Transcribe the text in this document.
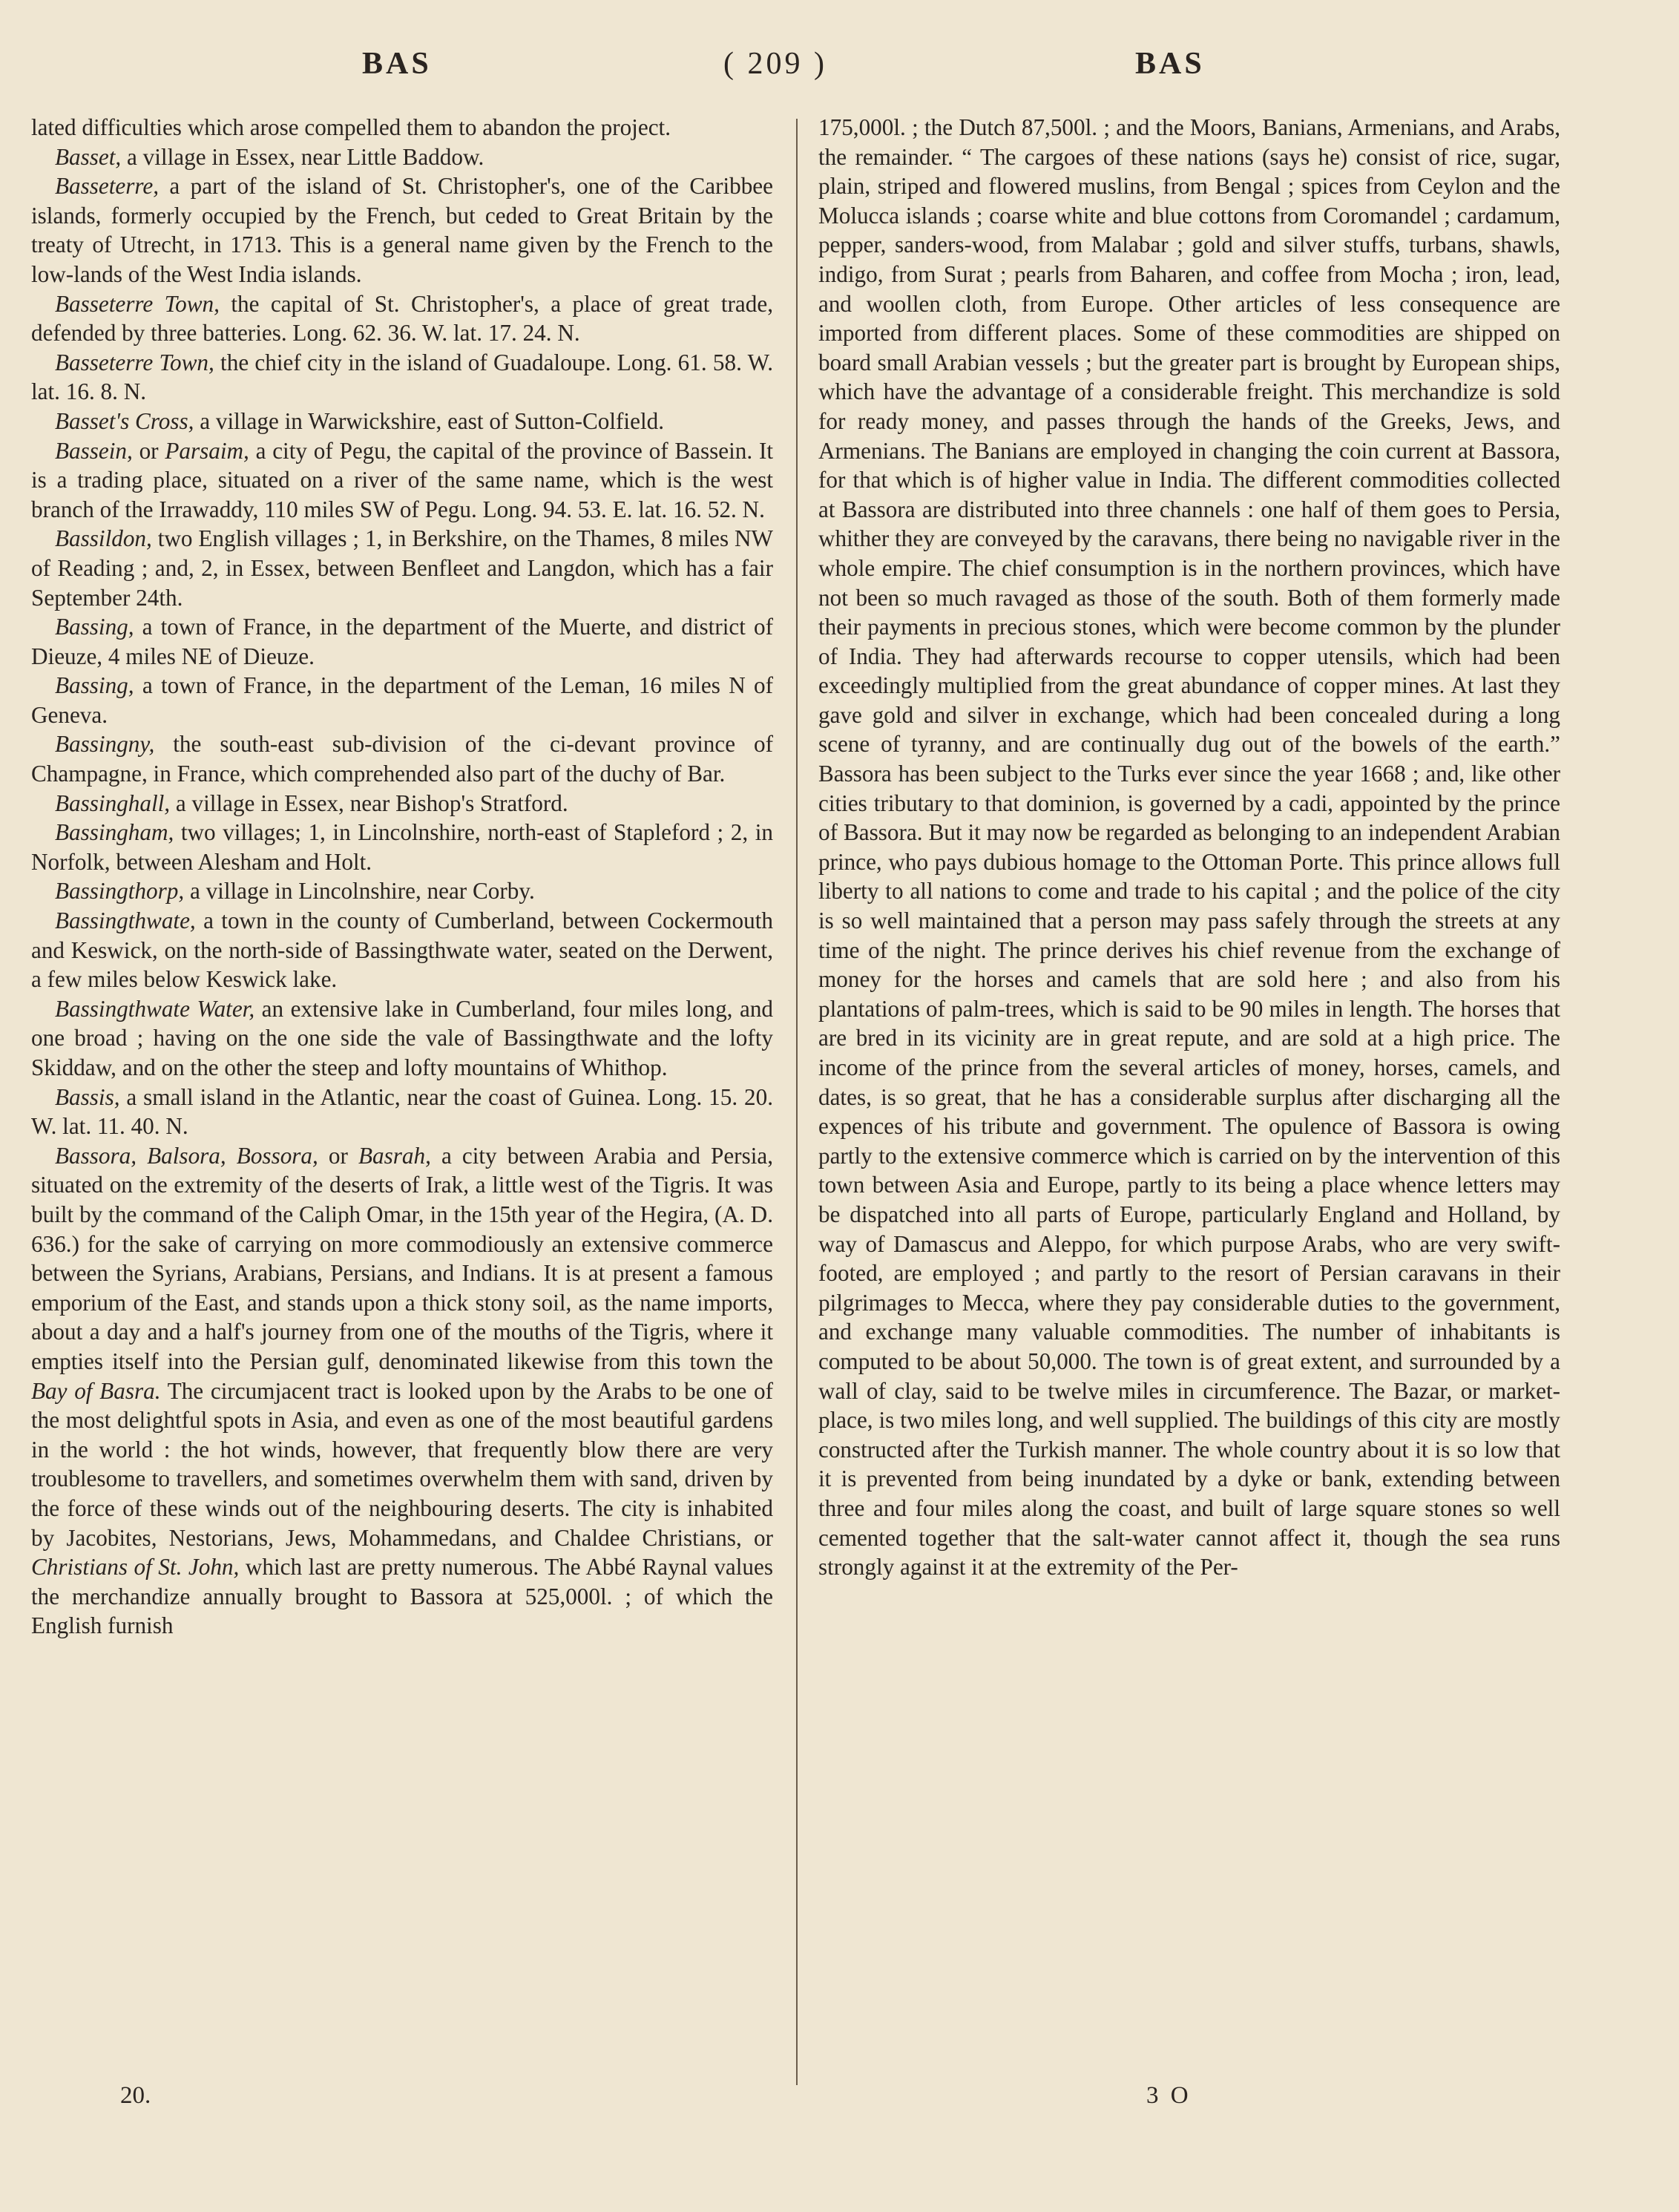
BAS	( 209 )	BAS

lated difficulties which arose compelled them to abandon the project.

Basset, a village in Essex, near Little Baddow.

Basseterre, a part of the island of St. Christopher's, one of the Caribbee islands, formerly occupied by the French, but ceded to Great Britain by the treaty of Utrecht, in 1713. This is a general name given by the French to the low-lands of the West India islands.

Basseterre Town, the capital of St. Christopher's, a place of great trade, defended by three batteries. Long. 62. 36. W. lat. 17. 24. N.

Basseterre Town, the chief city in the island of Guadaloupe. Long. 61. 58. W. lat. 16. 8. N.

Basset's Cross, a village in Warwickshire, east of Sutton-Colfield.

Bassein, or Parsaim, a city of Pegu, the capital of the province of Bassein. It is a trading place, situated on a river of the same name, which is the west branch of the Irrawaddy, 110 miles SW of Pegu. Long. 94. 53. E. lat. 16. 52. N.

Bassildon, two English villages ; 1, in Berkshire, on the Thames, 8 miles NW of Reading ; and, 2, in Essex, between Benfleet and Langdon, which has a fair September 24th.

Bassing, a town of France, in the department of the Muerte, and district of Dieuze, 4 miles NE of Dieuze.

Bassing, a town of France, in the department of the Leman, 16 miles N of Geneva.

Bassingny, the south-east sub-division of the ci-devant province of Champagne, in France, which comprehended also part of the duchy of Bar.

Bassinghall, a village in Essex, near Bishop's Stratford.

Bassingham, two villages; 1, in Lincolnshire, north-east of Stapleford ; 2, in Norfolk, between Alesham and Holt.

Bassingthorp, a village in Lincolnshire, near Corby.

Bassingthwate, a town in the county of Cumberland, between Cockermouth and Keswick, on the north-side of Bassingthwate water, seated on the Derwent, a few miles below Keswick lake.

Bassingthwate Water, an extensive lake in Cumberland, four miles long, and one broad ; having on the one side the vale of Bassingthwate and the lofty Skiddaw, and on the other the steep and lofty mountains of Whithop.

Bassis, a small island in the Atlantic, near the coast of Guinea. Long. 15. 20. W. lat. 11. 40. N.

Bassora, Balsora, Bossora, or Basrah, a city between Arabia and Persia, situated on the extremity of the deserts of Irak, a little west of the Tigris. It was built by the command of the Caliph Omar, in the 15th year of the Hegira, (A. D. 636.) for the sake of carrying on more commodiously an extensive commerce between the Syrians, Arabians, Persians, and Indians. It is at present a famous emporium of the East, and stands upon a thick stony soil, as the name imports, about a day and a half's journey from one of the mouths of the Tigris, where it empties itself into the Persian gulf, denominated likewise from this town the Bay of Basra. The circumjacent tract is looked upon by the Arabs to be one of the most delightful spots in Asia, and even as one of the most beautiful gardens in the world : the hot winds, however, that frequently blow there are very troublesome to travellers, and sometimes overwhelm them with sand, driven by the force of these winds out of the neighbouring deserts. The city is inhabited by Jacobites, Nestorians, Jews, Mohammedans, and Chaldee Christians, or Christians of St. John, which last are pretty numerous. The Abbé Raynal values the merchandize annually brought to Bassora at 525,000l. ; of which the English furnish

175,000l. ; the Dutch 87,500l. ; and the Moors, Banians, Armenians, and Arabs, the remainder. “ The cargoes of these nations (says he) consist of rice, sugar, plain, striped and flowered muslins, from Bengal ; spices from Ceylon and the Molucca islands ; coarse white and blue cottons from Coromandel ; cardamum, pepper, sanders-wood, from Malabar ; gold and silver stuffs, turbans, shawls, indigo, from Surat ; pearls from Baharen, and coffee from Mocha ; iron, lead, and woollen cloth, from Europe. Other articles of less consequence are imported from different places. Some of these commodities are shipped on board small Arabian vessels ; but the greater part is brought by European ships, which have the advantage of a considerable freight. This merchandize is sold for ready money, and passes through the hands of the Greeks, Jews, and Armenians. The Banians are employed in changing the coin current at Bassora, for that which is of higher value in India. The different commodities collected at Bassora are distributed into three channels : one half of them goes to Persia, whither they are conveyed by the caravans, there being no navigable river in the whole empire. The chief consumption is in the northern provinces, which have not been so much ravaged as those of the south. Both of them formerly made their payments in precious stones, which were become common by the plunder of India. They had afterwards recourse to copper utensils, which had been exceedingly multiplied from the great abundance of copper mines. At last they gave gold and silver in exchange, which had been concealed during a long scene of tyranny, and are continually dug out of the bowels of the earth.” Bassora has been subject to the Turks ever since the year 1668 ; and, like other cities tributary to that dominion, is governed by a cadi, appointed by the prince of Bassora. But it may now be regarded as belonging to an independent Arabian prince, who pays dubious homage to the Ottoman Porte. This prince allows full liberty to all nations to come and trade to his capital ; and the police of the city is so well maintained that a person may pass safely through the streets at any time of the night. The prince derives his chief revenue from the exchange of money for the horses and camels that are sold here ; and also from his plantations of palm-trees, which is said to be 90 miles in length. The horses that are bred in its vicinity are in great repute, and are sold at a high price. The income of the prince from the several articles of money, horses, camels, and dates, is so great, that he has a considerable surplus after discharging all the expences of his tribute and government. The opulence of Bassora is owing partly to the extensive commerce which is carried on by the intervention of this town between Asia and Europe, partly to its being a place whence letters may be dispatched into all parts of Europe, particularly England and Holland, by way of Damascus and Aleppo, for which purpose Arabs, who are very swift-footed, are employed ; and partly to the resort of Persian caravans in their pilgrimages to Mecca, where they pay considerable duties to the government, and exchange many valuable commodities. The number of inhabitants is computed to be about 50,000. The town is of great extent, and surrounded by a wall of clay, said to be twelve miles in circumference. The Bazar, or market-place, is two miles long, and well supplied. The buildings of this city are mostly constructed after the Turkish manner. The whole country about it is so low that it is prevented from being inundated by a dyke or bank, extending between three and four miles along the coast, and built of large square stones so well cemented together that the salt-water cannot affect it, though the sea runs strongly against it at the extremity of the Per-

20.	3 O
